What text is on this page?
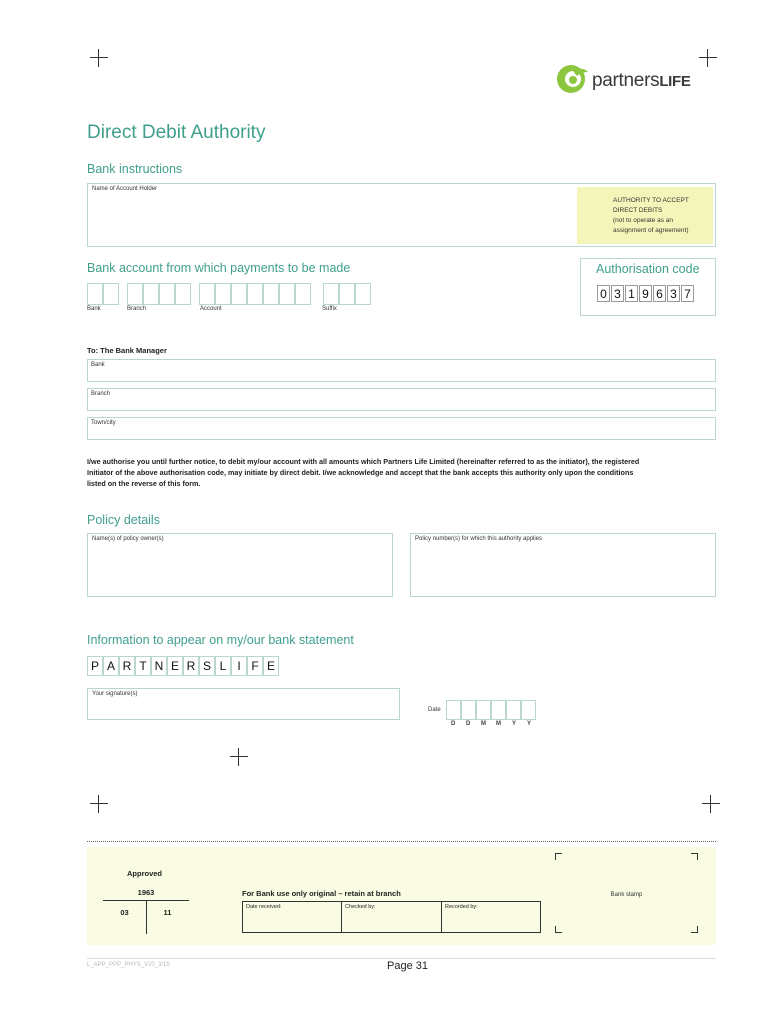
partnersLIFE
Direct Debit Authority
Bank instructions
Name of Account Holder
AUTHORITY TO ACCEPT
DIRECT DEBITS
(not to operate as an
assignment of agreement)
Bank account from which payments to be made
Bank	Branch	Account	Suffix
Authorisation code
0 3 1 9 6 3 7
To: The Bank Manager
Bank
Branch
Town/city
I/we authorise you until further notice, to debit my/our account with all amounts which Partners Life Limited (hereinafter referred to as the initiator), the registered
Initiator of the above authorisation code, may initiate by direct debit. I/we acknowledge and accept that the bank accepts this authority only upon the conditions
listed on the reverse of this form.
Policy details
Name(s) of policy owner(s)	Policy number(s) for which this authority applies
Information to appear on my/our bank statement
P A R T N E R S L I F E
Your signature(s)
Date
D D M M Y Y
Approved
1963
03	11
For Bank use only original – retain at branch
Date received:	Checked by:	Recorded by:
Bank stamp
L_APP_PPP_PHYS_V20_3/15	Page 31
